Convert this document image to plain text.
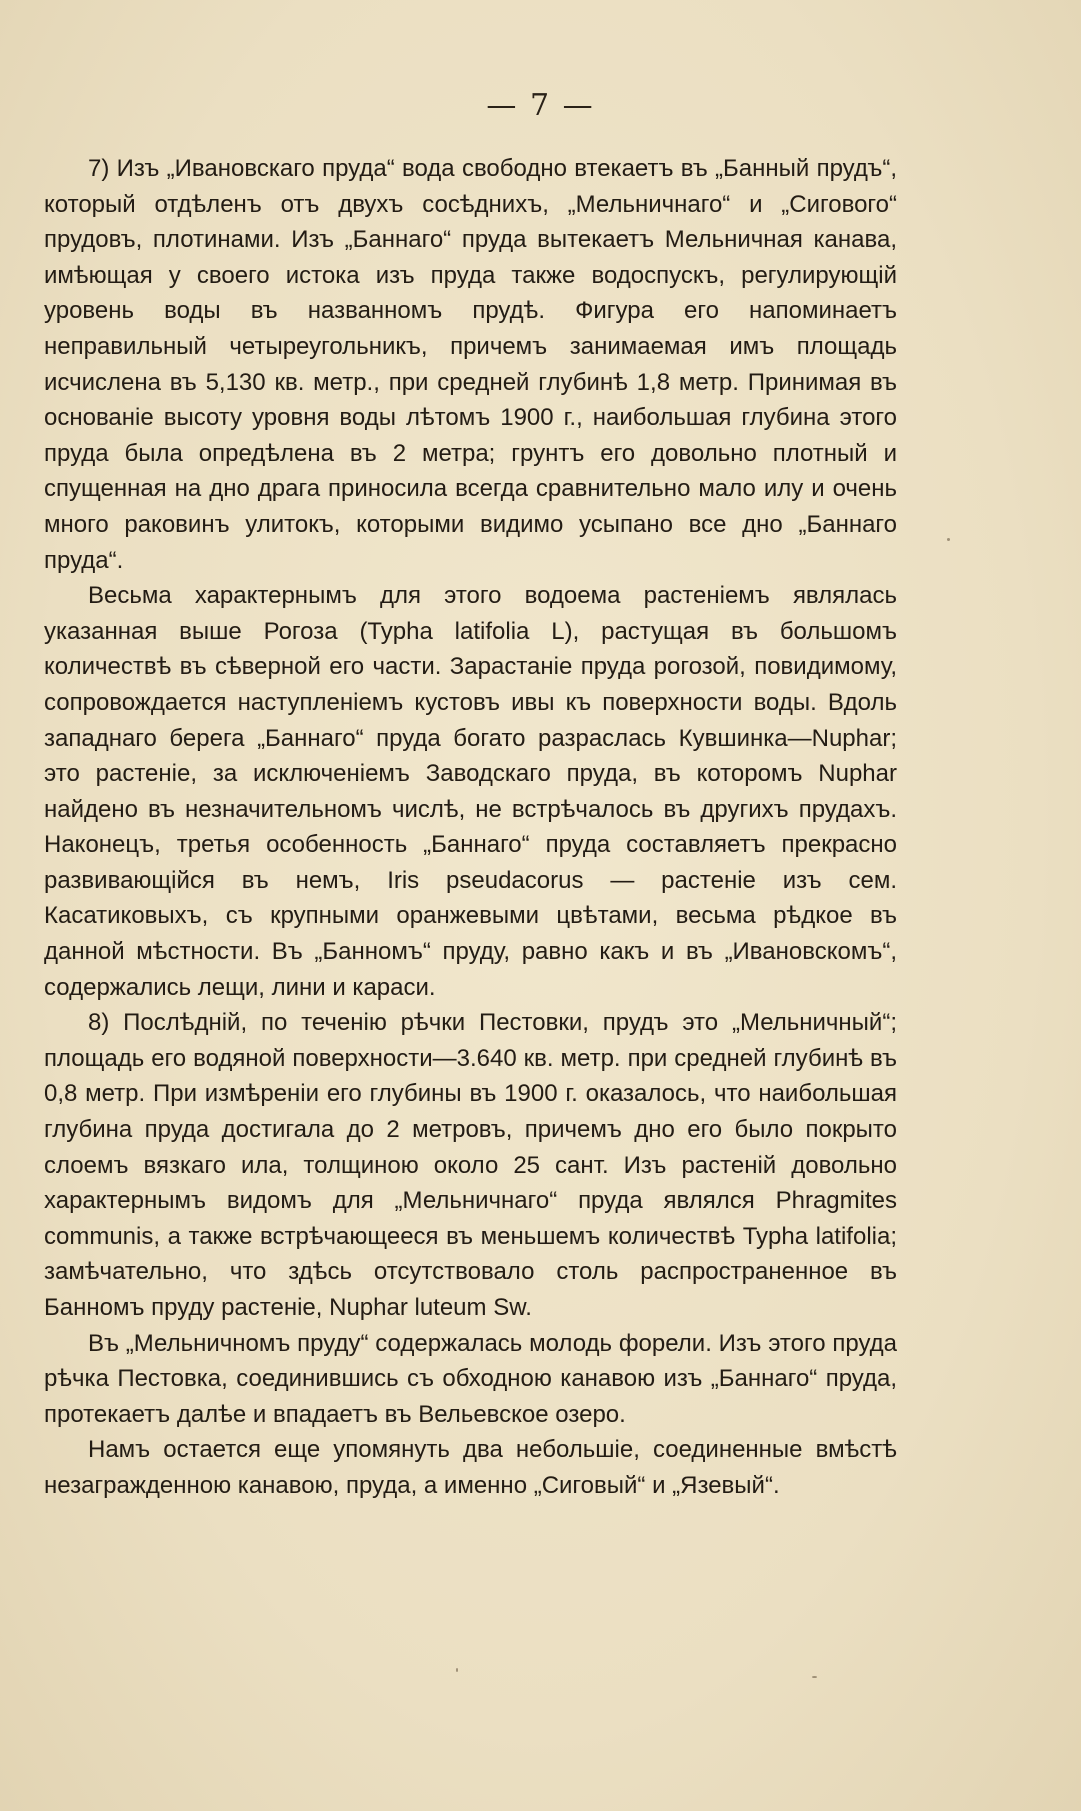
— 7 —

7) Изъ „Ивановскаго пруда“ вода свободно втекаетъ въ „Банный прудъ“, который отдѣленъ отъ двухъ сосѣднихъ, „Мельничнаго“ и „Сигового“ прудовъ, плотинами. Изъ „Баннаго“ пруда вытекаетъ Мельничная канава, имѣющая у своего истока изъ пруда также водоспускъ, регулирующій уровень воды въ названномъ прудѣ. Фигура его напоминаетъ неправильный четыреугольникъ, причемъ занимаемая имъ площадь исчислена въ 5,130 кв. метр., при средней глубинѣ 1,8 метр. Принимая въ основаніе высоту уровня воды лѣтомъ 1900 г., наибольшая глубина этого пруда была опредѣлена въ 2 метра; грунтъ его довольно плотный и спущенная на дно драга приносила всегда сравнительно мало илу и очень много раковинъ улитокъ, которыми видимо усыпано все дно „Баннаго пруда“.

Весьма характернымъ для этого водоема растеніемъ являлась указанная выше Рогоза (Typha latifolia L), растущая въ большомъ количествѣ въ сѣверной его части. Зарастаніе пруда рогозой, повидимому, сопровождается наступленіемъ кустовъ ивы къ поверхности воды. Вдоль западнаго берега „Баннаго“ пруда богато разраслась Кувшинка—Nuphar; это растеніе, за исключеніемъ Заводскаго пруда, въ которомъ Nuphar найдено въ незначительномъ числѣ, не встрѣчалось въ другихъ прудахъ. Наконецъ, третья особенность „Баннаго“ пруда составляетъ прекрасно развивающійся въ немъ, Iris pseudacorus — растеніе изъ сем. Касатиковыхъ, съ крупными оранжевыми цвѣтами, весьма рѣдкое въ данной мѣстности. Въ „Банномъ“ пруду, равно какъ и въ „Ивановскомъ“, содержались лещи, лини и караси.

8) Послѣдній, по теченію рѣчки Пестовки, прудъ это „Мельничный“; площадь его водяной поверхности—3.640 кв. метр. при средней глубинѣ въ 0,8 метр. При измѣреніи его глубины въ 1900 г. оказалось, что наибольшая глубина пруда достигала до 2 метровъ, причемъ дно его было покрыто слоемъ вязкаго ила, толщиною около 25 сант. Изъ растеній довольно характернымъ видомъ для „Мельничнаго“ пруда являлся Phragmites communis, а также встрѣчающееся въ меньшемъ количествѣ Typha latifolia; замѣчательно, что здѣсь отсутствовало столь распространенное въ Банномъ пруду растеніе, Nuphar luteum Sw.

Въ „Мельничномъ пруду“ содержалась молодь форели. Изъ этого пруда рѣчка Пестовка, соединившись съ обходною канавою изъ „Баннаго“ пруда, протекаетъ далѣе и впадаетъ въ Вельевское озеро.

Намъ остается еще упомянуть два небольшіе, соединенные вмѣстѣ незагражденною канавою, пруда, а именно „Сиговый“ и „Язевый“.
